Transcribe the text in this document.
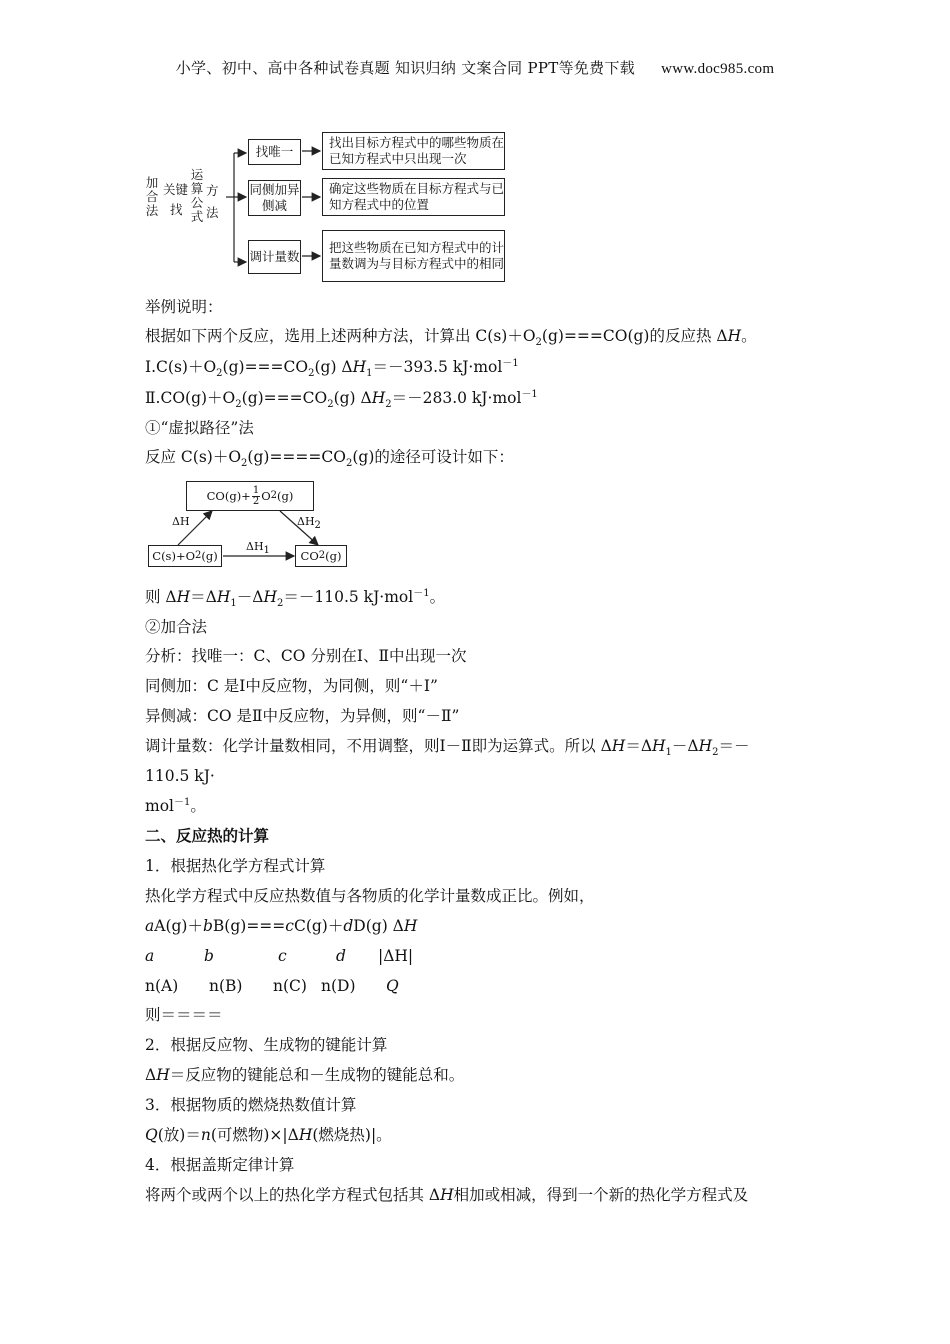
小学、初中、高中各种试卷真题 知识归纳 文案合同 PPT等免费下载 www.doc985.com
加
合
法
关键
找
运
算
公
式
方
法
找唯一
同侧加异侧减
调计量数
找出目标方程式中的哪些物质在已知方程式中只出现一次
确定这些物质在目标方程式与已知方程式中的位置
把这些物质在已知方程式中的计量数调为与目标方程式中的相同
举例说明：
根据如下两个反应，选用上述两种方法，计算出 $C(s)+O_2(g)===CO(g)$的反应热 ΔH。
$Ⅰ.C(s)+O_2(g)===CO_2(g)$ $\Delta H_1=-393.5$ kJ·mol$^{-1}$
$Ⅱ.CO(g)+O_2(g)===CO_2(g)$ $\Delta H_2=-283.0$ kJ·mol$^{-1}$
①“虚拟路径”法
反应 $C(s)+O_2(g)====CO_2(g)$的途径可设计如下：
$CO(g)+ \frac{1}{2}$ O 2 (g)
C(s)+O 2 (g)	CO 2 (g)
ΔH	$\Delta H_2$
$\Delta H_1$
则 $\Delta H=\Delta H_1-\Delta H_2=-110.5$ kJ·mol$^{-1}$。
②加合法
分析：找唯一：C、CO 分别在Ⅰ、Ⅱ中出现一次
同侧加：C 是Ⅰ中反应物，为同侧，则“＋Ⅰ”
异侧减：CO 是Ⅱ中反应物，为异侧，则“－Ⅱ”
调计量数：化学计量数相同，不用调整，则Ⅰ－Ⅱ即为运算式。所以 $\Delta H=\Delta H_1-\Delta H_2=-$
110.5 kJ·
mol$^{-1}$。
二、反应热的计算
1．根据热化学方程式计算
热化学方程式中反应热数值与各物质的化学计量数成正比。例如，
aA(g)＋bB(g)===cC(g)＋dD(g) ΔH
a	b	c	d |ΔH|
n(A) n(B) n(C) n(D) Q
则＝＝＝＝
2．根据反应物、生成物的键能计算
ΔH＝反应物的键能总和－生成物的键能总和。
3．根据物质的燃烧热数值计算
Q(放)＝n(可燃物)×|ΔH(燃烧热)|。
4．根据盖斯定律计算
将两个或两个以上的热化学方程式包括其 ΔH相加或相减，得到一个新的热化学方程式及
